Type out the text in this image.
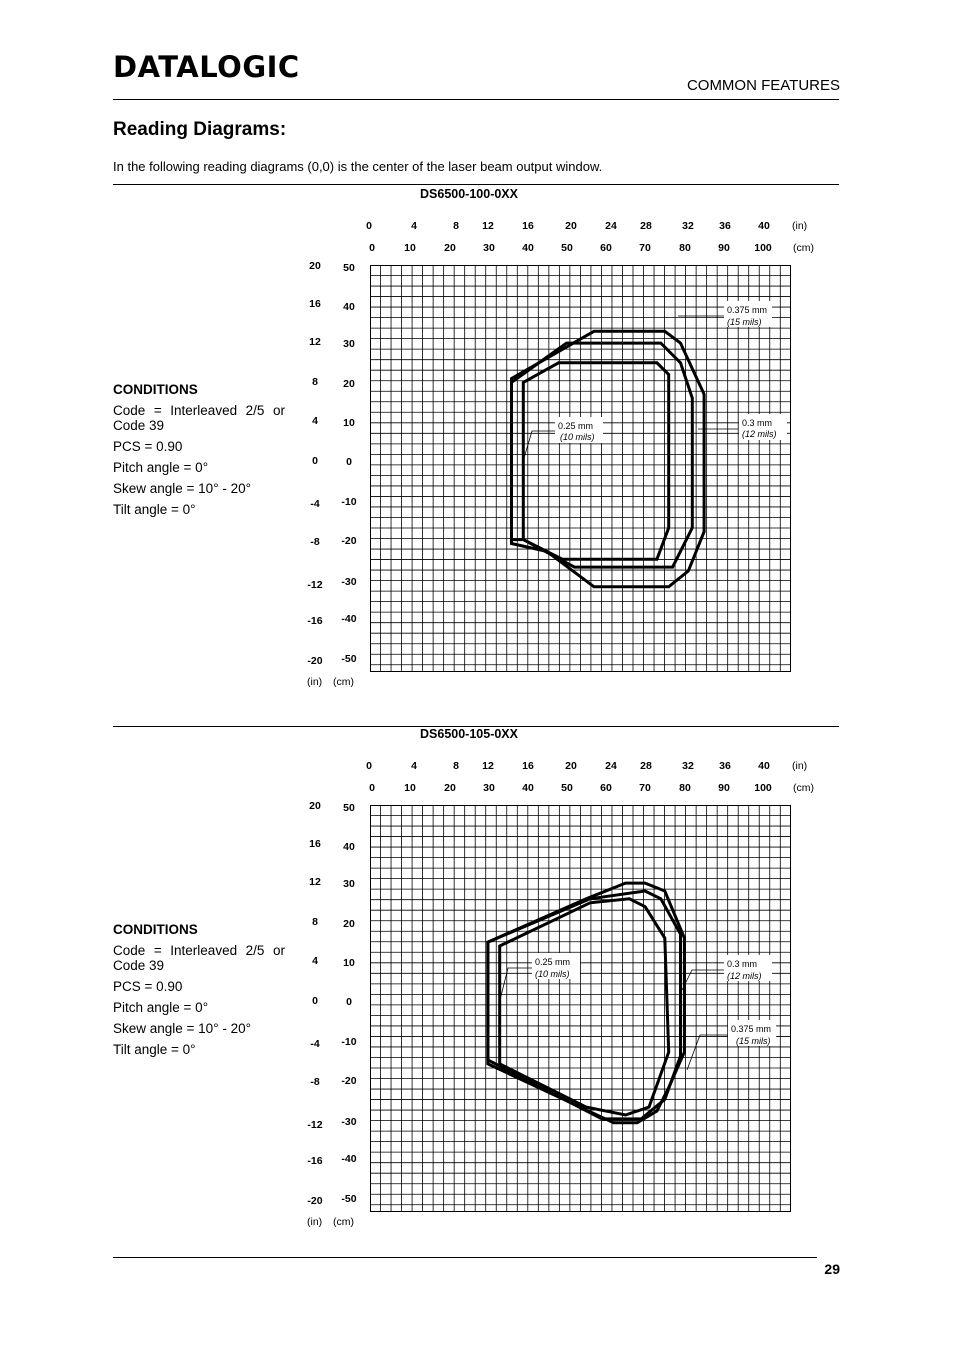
DATALOGIC
COMMON FEATURES
Reading Diagrams:
In the following reading diagrams (0,0) is the center of the laser beam output window.
DS6500-100-0XX
CONDITIONS
Code = Interleaved 2/5 or Code 39
PCS = 0.90
Pitch angle = 0°
Skew angle = 10° - 20°
Tilt angle = 0°
0	4	8 12	16	20	24 28	32 36	40
0	10	20	30	40	50	60	70	80	90 100
(in)
(cm)
20
16
12
8
4
0
-4
-8
-12
-16
-20
50
40
30
20
10
0
-10
-20
-30
-40
-50
(in) (cm)
0.375 mm
(15 mils)
0.3 mm
(12 mils)
0.25 mm
(10 mils)
DS6500-105-0XX
CONDITIONS
Code = Interleaved 2/5 or Code 39
PCS = 0.90
Pitch angle = 0°
Skew angle = 10° - 20°
Tilt angle = 0°
0	4	8 12	16	20	24 28	32 36	40
0	10	20	30	40	50	60	70	80	90 100
(in)
(cm)
20
16
12
8
4
0
-4
-8
-12
-16
-20
50
40
30
20
10
0
-10
-20
-30
-40
-50
(in) (cm)
0.25 mm
(10 mils)
0.3 mm
(12 mils)
0.375 mm
(15 mils)
29
